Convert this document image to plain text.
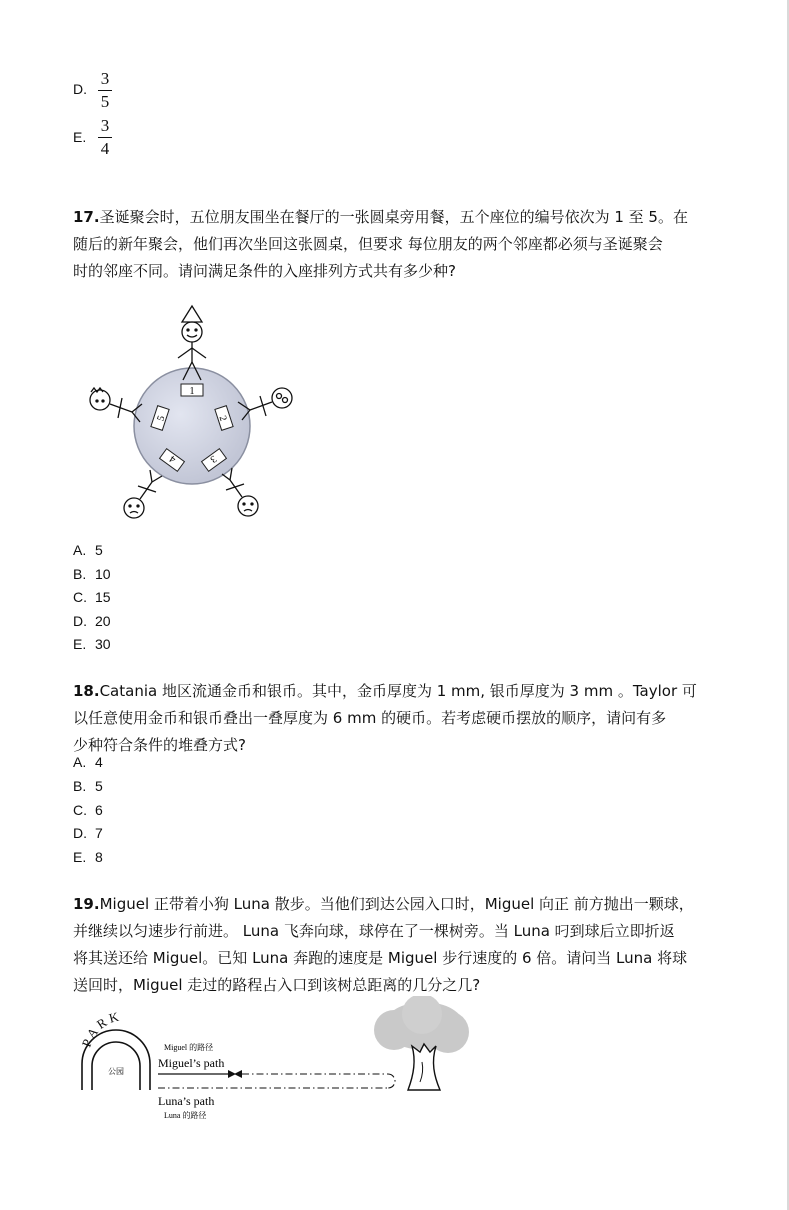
D.
3
5
E.
3
4
17.圣诞聚会时，五位朋友围坐在餐厅的一张圆桌旁用餐，五个座位的编号依次为 1 至 5。在
随后的新年聚会，他们再次坐回这张圆桌，但要求 每位朋友的两个邻座都必须与圣诞聚会
时的邻座不同。请问满足条件的入座排列方式共有多少种?
1
2
3
4
5
A. 5
B. 10
C. 15
D. 20
E. 30
18.Catania 地区流通金币和银币。其中，金币厚度为 1 mm, 银币厚度为 3 mm 。Taylor 可
以任意使用金币和银币叠出一叠厚度为 6 mm 的硬币。若考虑硬币摆放的顺序，请问有多
少种符合条件的堆叠方式?
A. 4
B. 5
C. 6
D. 7
E. 8
19.Miguel 正带着小狗 Luna 散步。当他们到达公园入口时，Miguel 向正 前方抛出一颗球，
并继续以匀速步行前进。 Luna 飞奔向球，球停在了一棵树旁。当 Luna 叼到球后立即折返
将其送还给 Miguel。已知 Luna 奔跑的速度是 Miguel 步行速度的 6 倍。请问当 Luna 将球
送回时，Miguel 走过的路程占入口到该树总距离的几分之几?
PARK
公园
Miguel 的路径
Miguel’s path
Luna’s path
Luna 的路径
